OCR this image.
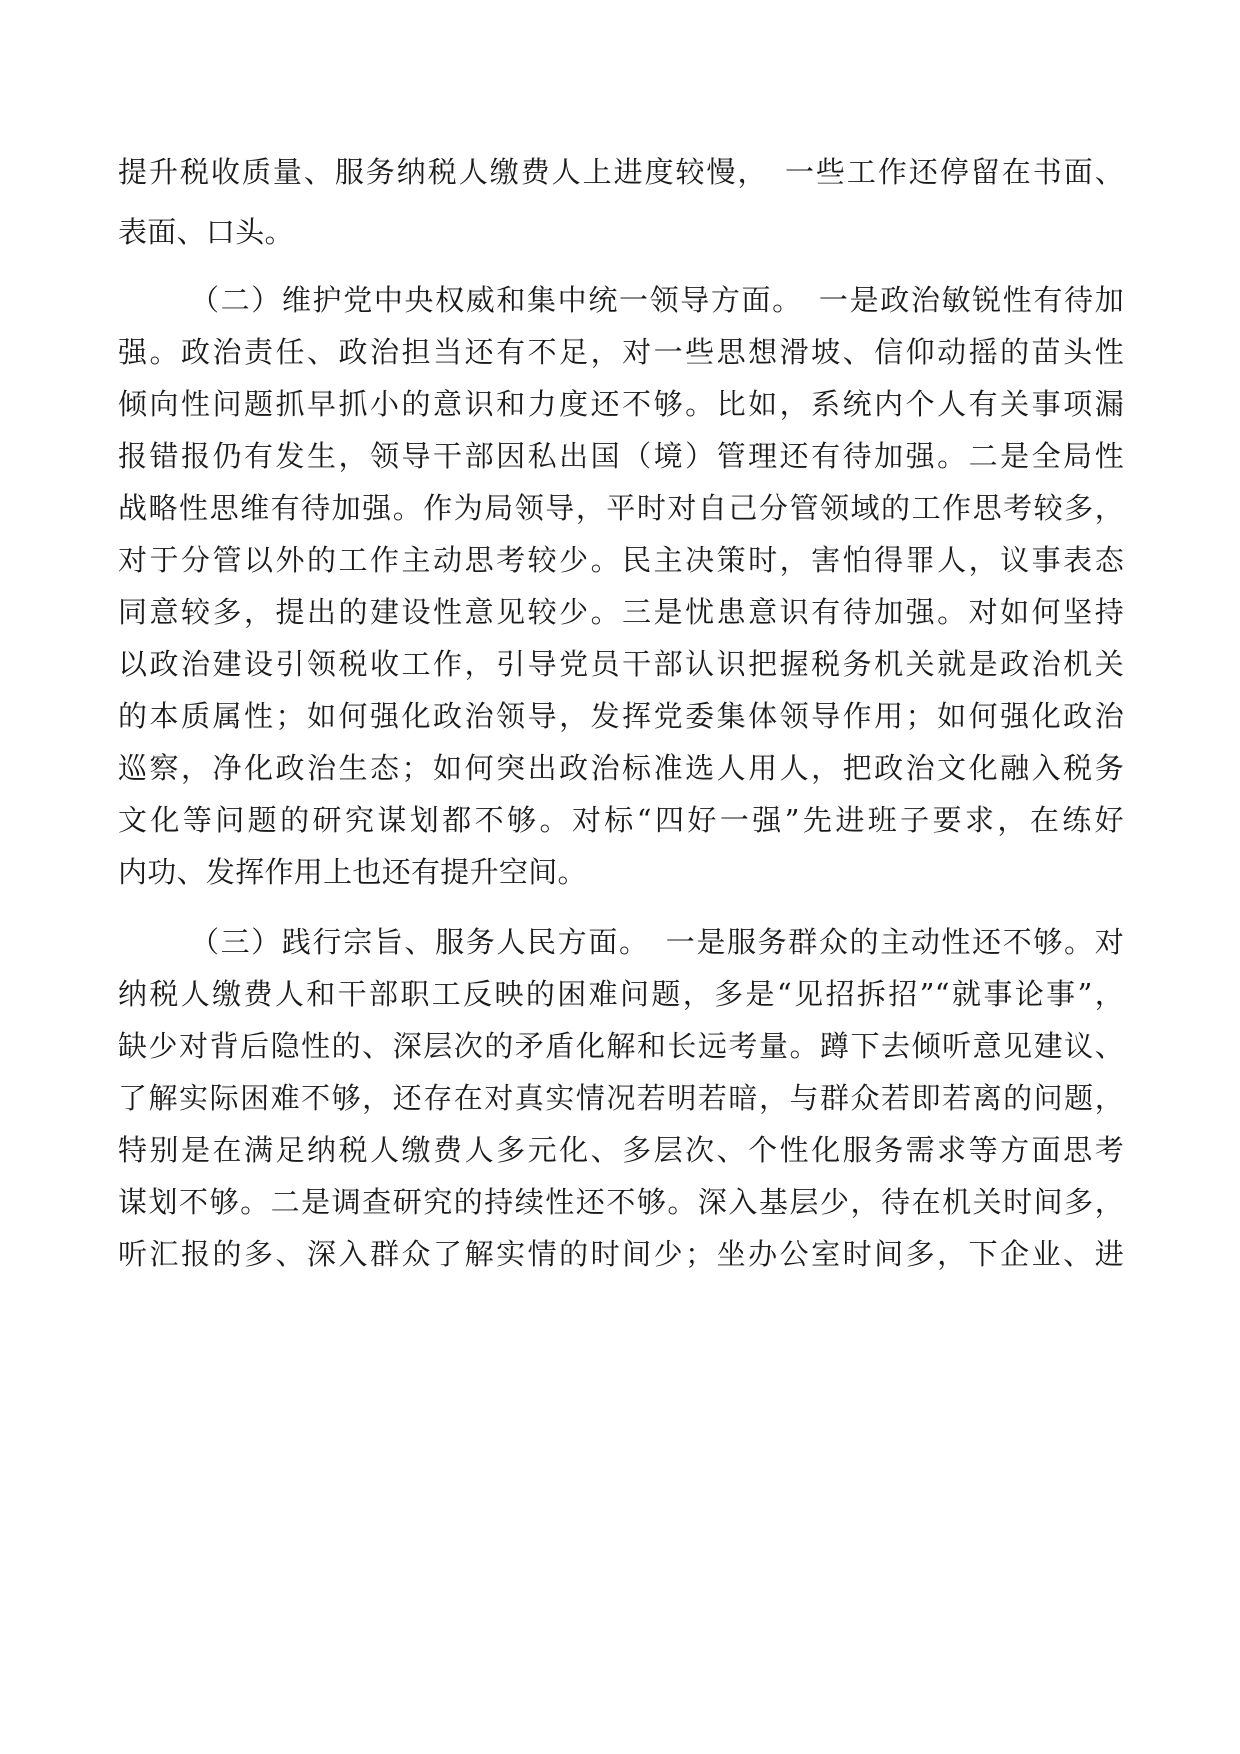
提升税收质量、服务纳税人缴费人上进度较慢，　一些工作还停留在书面、
表面、口头。
（二）维护党中央权威和集中统一领导方面。　一是政治敏锐性有待加
强。政治责任、政治担当还有不足，对一些思想滑坡、信仰动摇的苗头性
倾向性问题抓早抓小的意识和力度还不够。比如，系统内个人有关事项漏
报错报仍有发生，领导干部因私出国（境）管理还有待加强。二是全局性
战略性思维有待加强。作为局领导，平时对自己分管领域的工作思考较多，
对于分管以外的工作主动思考较少。民主决策时，害怕得罪人，议事表态
同意较多，提出的建设性意见较少。三是忧患意识有待加强。对如何坚持
以政治建设引领税收工作，引导党员干部认识把握税务机关就是政治机关
的本质属性；如何强化政治领导，发挥党委集体领导作用；如何强化政治
巡察，净化政治生态；如何突出政治标准选人用人，把政治文化融入税务
文化等问题的研究谋划都不够。对标“四好一强”先进班子要求，在练好
内功、发挥作用上也还有提升空间。
（三）践行宗旨、服务人民方面。　一是服务群众的主动性还不够。对
纳税人缴费人和干部职工反映的困难问题，多是“见招拆招”“就事论事”，
缺少对背后隐性的、深层次的矛盾化解和长远考量。蹲下去倾听意见建议、
了解实际困难不够，还存在对真实情况若明若暗，与群众若即若离的问题，
特别是在满足纳税人缴费人多元化、多层次、个性化服务需求等方面思考
谋划不够。二是调查研究的持续性还不够。深入基层少，待在机关时间多，
听汇报的多、深入群众了解实情的时间少；坐办公室时间多，下企业、进
